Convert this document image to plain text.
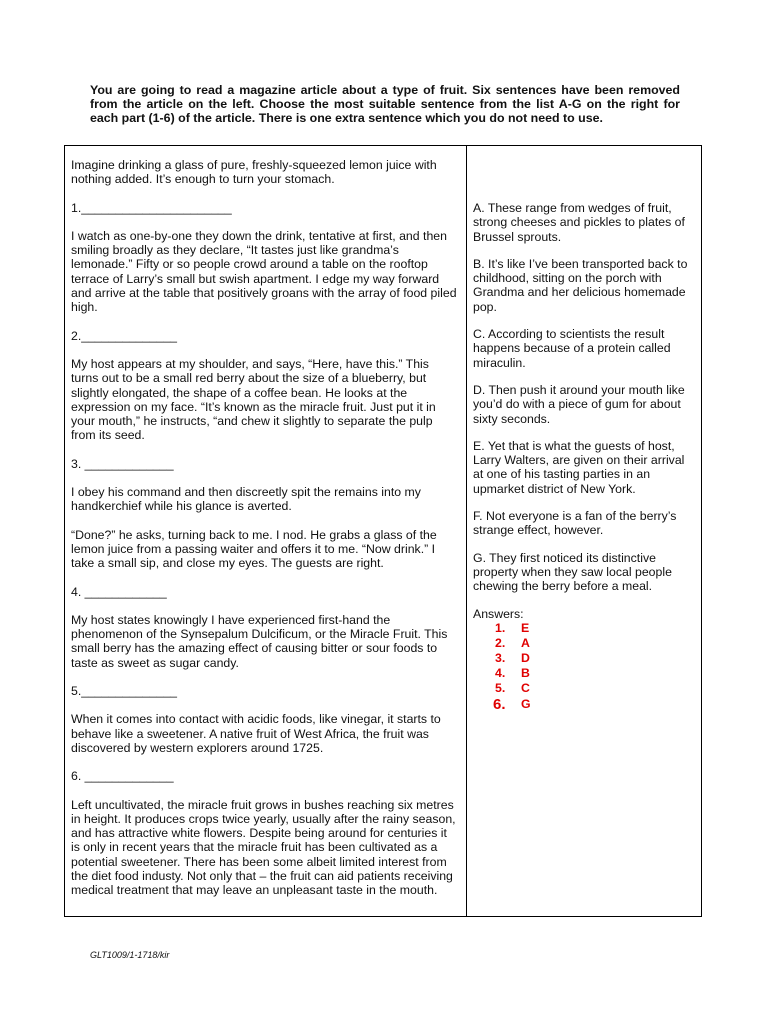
You are going to read a magazine article about a type of fruit. Six sentences have been removed from the article on the left. Choose the most suitable sentence from the list A-G on the right for each part (1-6) of the article. There is one extra sentence which you do not need to use.

Imagine drinking a glass of pure, freshly-squeezed lemon juice with nothing added. It’s enough to turn your stomach.

1.______________________

I watch as one-by-one they down the drink, tentative at first, and then smiling broadly as they declare, “It tastes just like grandma’s lemonade.” Fifty or so people crowd around a table on the rooftop terrace of Larry’s small but swish apartment. I edge my way forward and arrive at the table that positively groans with the array of food piled high.

2.______________

My host appears at my shoulder, and says, “Here, have this.” This turns out to be a small red berry about the size of a blueberry, but slightly elongated, the shape of a coffee bean. He looks at the expression on my face. “It’s known as the miracle fruit. Just put it in your mouth,” he instructs, “and chew it slightly to separate the pulp from its seed.

3. _____________

I obey his command and then discreetly spit the remains into my handkerchief while his glance is averted.

“Done?” he asks, turning back to me. I nod. He grabs a glass of the lemon juice from a passing waiter and offers it to me. “Now drink.” I take a small sip, and close my eyes. The guests are right.

4. ____________

My host states knowingly I have experienced first-hand the phenomenon of the Synsepalum Dulcificum, or the Miracle Fruit. This small berry has the amazing effect of causing bitter or sour foods to taste as sweet as sugar candy.

5.______________

When it comes into contact with acidic foods, like vinegar, it starts to behave like a sweetener. A native fruit of West Africa, the fruit was discovered by western explorers around 1725.

6. _____________

Left uncultivated, the miracle fruit grows in bushes reaching six metres in height. It produces crops twice yearly, usually after the rainy season, and has attractive white flowers. Despite being around for centuries it is only in recent years that the miracle fruit has been cultivated as a potential sweetener. There has been some albeit limited interest from the diet food industy. Not only that – the fruit can aid patients receiving medical treatment that may leave an unpleasant taste in the mouth.

A. These range from wedges of fruit, strong cheeses and pickles to plates of Brussel sprouts.

B. It’s like I’ve been transported back to childhood, sitting on the porch with Grandma and her delicious homemade pop.

C. According to scientists the result happens because of a protein called miraculin.

D. Then push it around your mouth like you’d do with a piece of gum for about sixty seconds.

E. Yet that is what the guests of host, Larry Walters, are given on their arrival at one of his tasting parties in an upmarket district of New York.

F. Not everyone is a fan of the berry’s strange effect, however.

G. They first noticed its distinctive property when they saw local people chewing the berry before a meal.

Answers:

1. E
2. A
3. D
4. B
5. C
6. G
GLT1009/1-1718/kir
